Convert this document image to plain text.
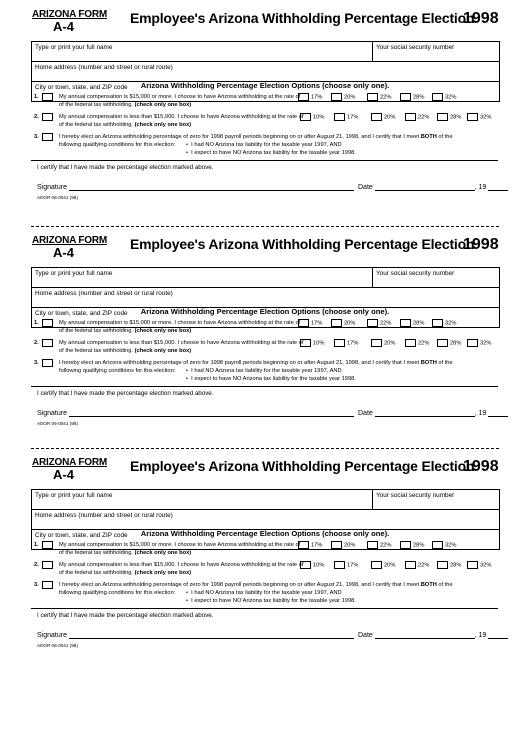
ARIZONA FORM
A-4
Employee's Arizona Withholding Percentage Election
1998
Type or print your full name	Your social security number
Home address (number and street or rural route)
City or town, state, and ZIP code	Arizona Withholding Percentage Election Options (choose only one).
1.	My annual compensation is $15,000 or more. I choose to have Arizona withholding at the rate of
of the federal tax withholding. (check only one box)
17%	20%	22%	28%	32%
2.	My annual compensation is less than $15,000. I choose to have Arizona withholding at the rate of
of the federal tax withholding. (check only one box)
10%	17%	20%	22%	28%	32%
3.	I hereby elect an Arizona withholding percentage of zero for 1998 payroll periods beginning on or after August 21, 1998, and I certify that I meet BOTH of the
following qualifying conditions for this election: •  I had NO Arizona tax liability for the taxable year 1997, AND
•  I expect to have NO Arizona tax liability for the taxable year 1998.
I certify that I have made the percentage election marked above.
Signature	Date	, 19
ADOR 06-0041 (98)
ARIZONA FORM
A-4
Employee's Arizona Withholding Percentage Election
1998
Type or print your full name	Your social security number
Home address (number and street or rural route)
City or town, state, and ZIP code	Arizona Withholding Percentage Election Options (choose only one).
1.	My annual compensation is $15,000 or more. I choose to have Arizona withholding at the rate of
of the federal tax withholding. (check only one box)
17%	20%	22%	28%	32%
2.	My annual compensation is less than $15,000. I choose to have Arizona withholding at the rate of
of the federal tax withholding. (check only one box)
10%	17%	20%	22%	28%	32%
3.	I hereby elect an Arizona withholding percentage of zero for 1998 payroll periods beginning on or after August 21, 1998, and I certify that I meet BOTH of the
following qualifying conditions for this election: •  I had NO Arizona tax liability for the taxable year 1997, AND
•  I expect to have NO Arizona tax liability for the taxable year 1998.
I certify that I have made the percentage election marked above.
Signature	Date	, 19
ADOR 06-0041 (98)
ARIZONA FORM
A-4
Employee's Arizona Withholding Percentage Election
1998
Type or print your full name	Your social security number
Home address (number and street or rural route)
City or town, state, and ZIP code	Arizona Withholding Percentage Election Options (choose only one).
1.	My annual compensation is $15,000 or more. I choose to have Arizona withholding at the rate of
of the federal tax withholding. (check only one box)
17%	20%	22%	28%	32%
2.	My annual compensation is less than $15,000. I choose to have Arizona withholding at the rate of
of the federal tax withholding. (check only one box)
10%	17%	20%	22%	28%	32%
3.	I hereby elect an Arizona withholding percentage of zero for 1998 payroll periods beginning on or after August 21, 1998, and I certify that I meet BOTH of the
following qualifying conditions for this election: •  I had NO Arizona tax liability for the taxable year 1997, AND
•  I expect to have NO Arizona tax liability for the taxable year 1998.
I certify that I have made the percentage election marked above.
Signature	Date	, 19
ADOR 06-0041 (98)
